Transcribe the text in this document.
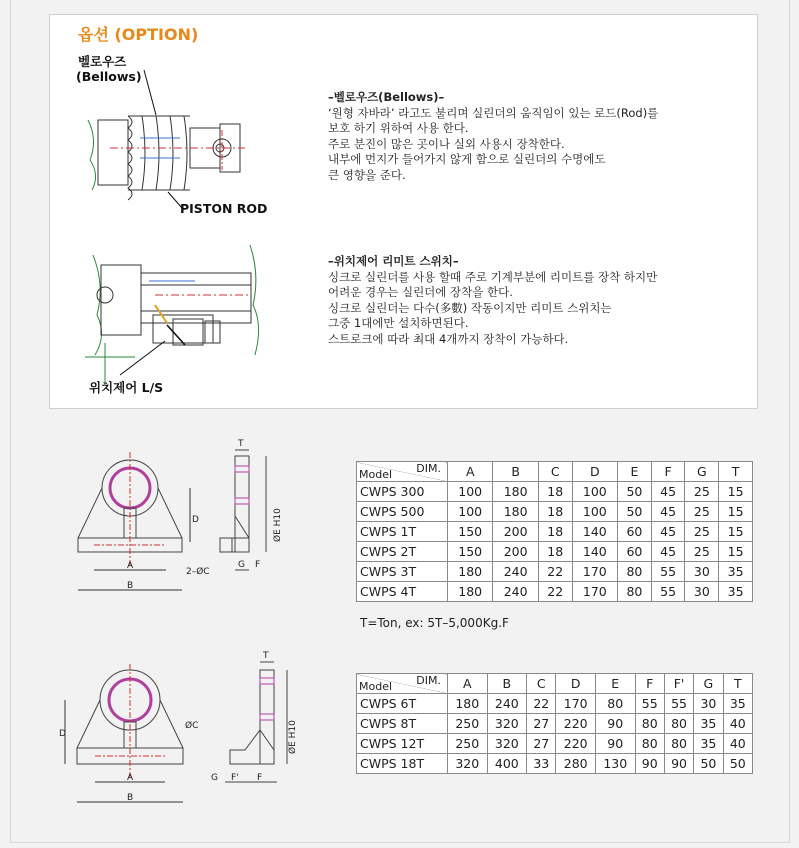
옵션 (OPTION)
벨로우즈
(Bellows)
PISTON ROD
위치제어 L/S
–벨로우즈(Bellows)–
‘원형 자바라’ 라고도 불리며 실린더의 움직임이 있는 로드(Rod)를
보호 하기 위하여 사용 한다.
주로 분진이 많은 곳이나 실외 사용시 장착한다.
내부에 먼지가 들어가지 않게 함으로 실린더의 수명에도
큰 영향을 준다.
–위치제어 리미트 스위치–
싱크로 실린더를 사용 할때 주로 기계부분에 리미트를 장착 하지만
어려운 경우는 실린더에 장착을 한다.
싱크로 실린더는 다수(多數) 작동이지만 리미트 스위치는
그중 1대에만 설치하면된다.
스트로크에 따라 최대 4개까지 장착이 가능하다.
D
A
B
2–ØC
G F
T
ØE H10
D
A
B
ØC
G F' F
T
ØE H10
DIM.
Model	A	B	C	D	E	F	G	T
CWPS 300	100	180	18	100	50	45	25	15
CWPS 500	100	180	18	100	50	45	25	15
CWPS 1T	150	200	18	140	60	45	25	15
CWPS 2T	150	200	18	140	60	45	25	15
CWPS 3T	180	240	22	170	80	55	30	35
CWPS 4T	180	240	22	170	80	55	30	35
T=Ton, ex: 5T–5,000Kg.F
DIM.
Model	A	B	C	D	E	F	F'	G	T
CWPS 6T	180	240	22	170	80	55	55	30	35
CWPS 8T	250	320	27	220	90	80	80	35	40
CWPS 12T	250	320	27	220	90	80	80	35	40
CWPS 18T	320	400	33	280	130	90	90	50	50
